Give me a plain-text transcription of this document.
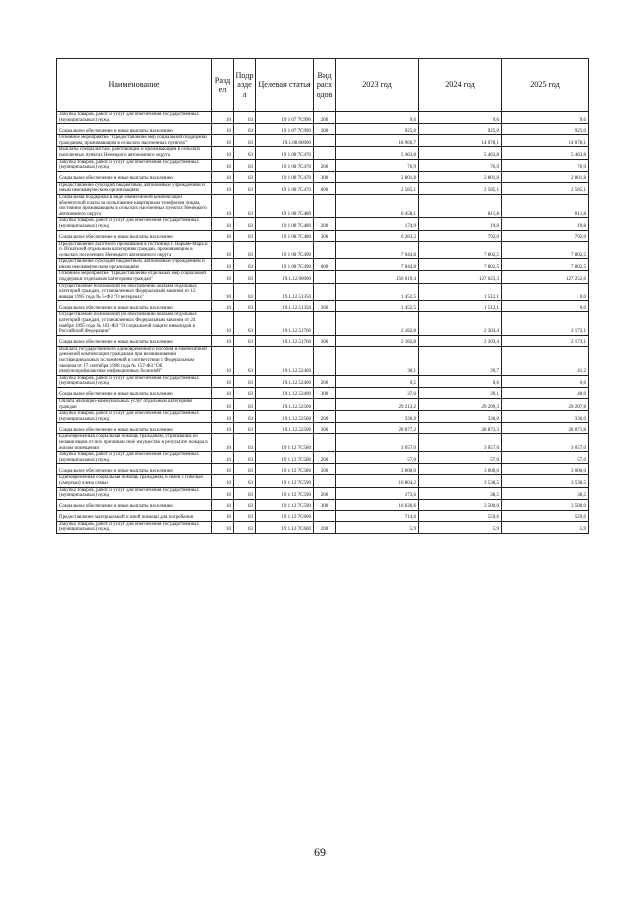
Наименование	Разд ел	Подр азде л	Целевая статья	Вид расх одов	2023 год	2024 год	2025 год
Закупка товаров, работ и услуг для обеспечения государственных (муниципальных) нужд	10	03	19 1 07 7С990	200	9,6	9,6	9,6
Социальное обеспечение и иные выплаты населению	10	03	19 1 07 7С990	300	925,0	925,0	925,0
Основное мероприятие "Предоставление мер социальной поддержки гражданам, проживающим в сельских населенных пунктах"	10	03	19.1.08.00000		18 966,7	14 078,1	14 078,1
Выплаты специалистам, работающим и проживающим в сельских населенных пунктах Ненецкого автономного округа	10	03	19 1 08 7С470		5 463,8	5 463,8	5 463,8
Закупка товаров, работ и услуг для обеспечения государственных (муниципальных) нужд	10	03	19 1 08 7С470	200	76,9	76,9	76,9
Социальное обеспечение и иные выплаты населению	10	03	19 1 08 7С470	300	2 801,8	2 801,8	2 801,8
Предоставление субсидий бюджетным, автономным учреждениям и иным некоммерческим организациям	10	03	19 1 08 7С470	600	2 585,1	2 585,1	2 585,1
Социальная поддержка в виде ежемесячной компенсации абонентской платы за пользование квартирным телефоном лицам, постоянно проживающим в сельских населенных пунктах Ненецкого автономного округа	10	03	19 1 08 7С480		6 458,1	811,8	811,8
Закупка товаров, работ и услуг для обеспечения государственных (муниципальных) нужд	10	03	19 1 08 7С480	200	174,9	19,8	19,8
Социальное обеспечение и иные выплаты населению	10	03	19 1 08 7С480	300	6 283,2	792,0	792,0
Предоставление льготного проживания в гостинице г. Нарьян-Мара и п. Искателей отдельным категориям граждан, проживающим в сельских поселениях Ненецкого автономного округа	10	03	19 1 08 7С490		7 044,8	7 802,5	7 802,5
Предоставление субсидий бюджетным, автономным учреждениям и иным некоммерческим организациям	10	03	19 1 08 7С490	600	7 044,8	7 802,5	7 802,5
Основное мероприятие "Предоставление отдельных мер социальной поддержки отдельным категориям граждан"	10	03	19.1.12.00000		156 619,4	127 623,3	127 252,6
Осуществление полномочий по обеспечению жильем отдельных категорий граждан, установленных Федеральным законом от 12 января 1995 года № 5-ФЗ "О ветеранах"	10	03	19.1.12.51350		1 452,5	1 512,1	0,0
Социальное обеспечение и иные выплаты населению	10	03	19.1.12.51350	300	1 452,5	1 512,1	0,0
Осуществление полномочий по обеспечению жильем отдельных категорий граждан, установленных Федеральным законом от 24 ноября 1995 года № 181-ФЗ "О социальной защите инвалидов в Российской Федерации"	10	03	19.1.12.51760		2 182,8	2 303,4	2 173,1
Социальное обеспечение и иные выплаты населению	10	03	19.1.12.51760	300	2 182,8	2 303,4	2 173,1
Выплата государственного единовременного пособия и ежемесячной денежной компенсации гражданам при возникновении поствакцинальных осложнений в соответствии с Федеральным законом от 17 сентября 1998 года № 157-ФЗ "Об иммунопрофилактике инфекционных болезней"	10	03	19.1.12.52400		38,1	39,7	41,2
Закупка товаров, работ и услуг для обеспечения государственных (муниципальных) нужд	10	03	19.1.12.52400	200	0,5	0,6	0,6
Социальное обеспечение и иные выплаты населению	10	03	19.1.12.52400	300	37,6	39,1	40,6
Оплата жилищно-коммунальных услуг отдельным категориям граждан	10	03	19.1.12.52500		29 213,2	29 209,3	29 207,8
Закупка товаров, работ и услуг для обеспечения государственных (муниципальных) нужд	10	03	19.1.12.52500	200	336,0	336,0	336,0
Социальное обеспечение и иные выплаты населению	10	03	19.1.12.52500	300	28 877,2	28 873,3	28 871,8
Единовременная социальная помощь гражданам, утратившим по независящим от них причинам своё имущество в результате пожара в жилом помещении	10	03	19 1 12 7С580		3 057,0	3 057,0	3 057,0
Закупка товаров, работ и услуг для обеспечения государственных (муниципальных) нужд	10	03	19 1 12 7С580	200	57,0	57,0	57,0
Социальное обеспечение и иные выплаты населению	10	03	19 1 12 7С580	300	3 000,0	3 000,0	3 000,0
Единовременная социальная помощь гражданам, в связи с гибелью (смертью) члена семьи	10	03	19 1 12 7С590		16 804,2	3 538,5	3 538,5
Закупка товаров, работ и услуг для обеспечения государственных (муниципальных) нужд	10	03	19 1 12 7С590	200	173,6	38,5	38,5
Социальное обеспечение и иные выплаты населению	10	03	19 1 12 7С590	300	16 630,6	3 500,0	3 500,0
Предоставление материальной и иной помощи для погребения	10	03	19 1 12 7С600		714,6	559,6	559,6
Закупка товаров, работ и услуг для обеспечения государственных (муниципальных) нужд	10	03	19 1 12 7С600	200	5,9	5,9	5,9
69
